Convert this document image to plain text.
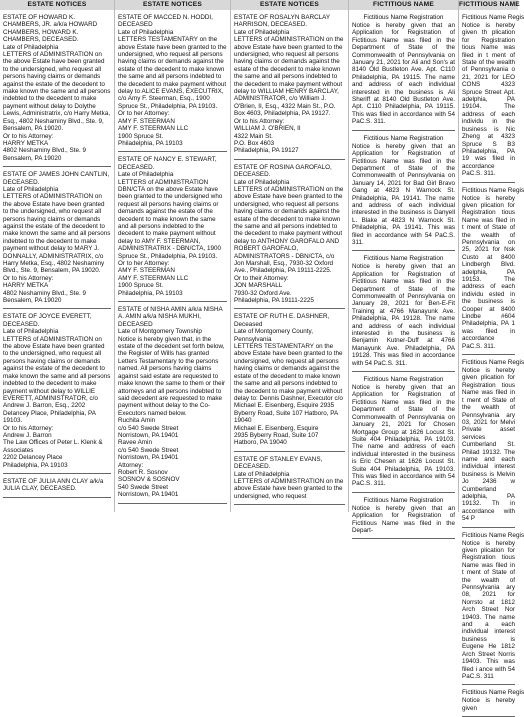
ESTATE NOTICES
ESTATE OF HOWARD K. CHAMBERS, JR. a/k/a HOWARD CHAMBERS, HOWARD K. CHAMBERS, DECEASED.
Late of Philadelphia
LETTERS of ADMINISTRATION on the above Estate have been granted to the undersigned, who request all persons having claims or demands against the estate of the decedent to make known the same and all persons indebted to the decedent to make payment without delay to Dolythe Lewis, Administratrix, c/o Harry Metka, Esq., 4802 Neshaminy Blvd., Ste. 9, Bensalem, PA 19020.
Or to his Attorney:
HARRY METKA
4802 Neshaminy Blvd., Ste. 9
Bensalem, PA 19020
ESTATE OF JAMES JOHN CANTLIN, DECEASED.
Late of Philadelphia
LETTERS of ADMINISTRATION on the above Estate have been granted to the undersigned, who request all persons having claims or demands against the estate of the decedent to make known the same and all persons indebted to the decedent to make payment without delay to MARY J. DONNALLY, ADMINISTRATRIX, c/o Harry Metka, Esq., 4802 Neshaminy Blvd., Ste. 9, Bensalem, PA 19020.
Or to his Attorney:
HARRY METKA
4802 Neshaminy Blvd., Ste. 9
Bensalem, PA 19020
ESTATE OF JOYCE EVERETT, DECEASED.
Late of Philadelphia
LETTERS of ADMINISTRATION on the above Estate have been granted to the undersigned, who request all persons having claims or demands against the estate of the decedent to make known the same and all persons indebted to the decedent to make payment without delay to WILLIE EVERETT, ADMINISTRATOR, c/o Andrew J. Barron, Esq., 2202 Delancey Place, Philadelphia, PA 19103.
Or to his Attorney:
Andrew J. Barron
The Law Offices of Peter L. Klenk & Associates
2202 Delancey Place
Philadelphia, PA 19103
ESTATE OF JULIA ANN CLAY a/k/a JULIA CLAY, DECEASED.
ESTATE NOTICES
ESTATE OF MACCED N. HODDI, DECEASED
Late of Philadelphia
LETTERS TESTAMENTARY on the above Estate have been granted to the undersigned, who request all persons having claims or demands against the estate of the decedent to make known the same and all persons indebted to the decedent to make payment without delay to ALICE EVANS, EXECUTRIX, c/o Amy F. Steerman, Esq., 1900 Spruce St., Philadelphia, PA 19103.
Or to her Attorney:
AMY F. STEERMAN
AMY F. STEERMAN LLC
1900 Spruce St.
Philadelphia, PA 19103
ESTATE OF NANCY E. STEWART, DECEASED.
Late of Philadelphia
LETTERS of ADMINISTRATION DBN/CTA on the above Estate have been granted to the undersigned who request all persons having claims or demands against the estate of the decedent to make known the same and all persons indebted to the decedent to make payment without delay to AMY F. STEERMAN, ADMINISTRATRIX - DBN/CTA, 1900 Spruce St., Philadelphia, PA 19103.
Or to her Attorney:
AMY F. STEERMAN
AMY F. STEERMAN LLC
1900 Spruce St.
Philadelphia, PA 19103
ESTATE of NISHA AMIN a/k/a NISHA A. AMIN a/k/a NISHA MUKHI, DECEASED
Late of Montgomery Township
Notice is hereby given that, in the estate of the decedent set forth below, the Register of Wills has granted Letters Testamentary to the persons named. All persons having claims against said estate are requested to make known the same to them or their attorneys and all persons indebted to said decedent are requested to make payment without delay to the Co-Executors named below.
Ruchita Amin
c/o 540 Swede Street
Norristown, PA 19401
Ravee Amin
c/o 540 Swede Street
Norristown, PA 19401
Attorney:
Robert R. Sosnov
SOSNOV & SOSNOV
540 Swede Street
Norristown, PA 19401
ESTATE NOTICES
ESTATE OF ROSALYN BARCLAY HARRISON, DECEASED.
Late of Philadelphia
LETTERS of ADMINISTRATION on the above Estate have been granted to the undersigned, who request all persons having claims or demands against the estate of the decedent to make known the same and all persons indebted to the decedent to make payment without delay to WILLIAM HENRY BARCLAY, ADMINISTRATOR, c/o William J. O'Brien, II, Esq., 4322 Main St., P.O. Box 4603, Philadelphia, PA 19127.
Or to his Attorney:
WILLIAM J. O'BRIEN, II
4322 Main St.
P.O. Box 4603
Philadelphia, PA 19127
ESTATE OF ROSINA GAROFALO, DECEASED.
Late of Philadelphia
LETTERS of ADMINISTRATION on the above Estate have been granted to the undersigned, who request all persons having claims or demands against the estate of the decedent to make known the same and all persons indebted to the decedent to make payment without delay to ANTHONY GAROFALO AND ROBERT GAROFALO, ADMINISTRATORS - DBN/CTA, c/o Jon Marshall, Esq., 7930-32 Oxford Ave., Philadelphia, PA 19111-2225.
Or to their Attorney:
JON MARSHALL
7930-32 Oxford Ave.
Philadelphia, PA 19111-2225
ESTATE OF RUTH E. DASHNER, Deceased
Late of Montgomery County, Pennsylvania
LETTERS TESTAMENTARY on the above Estate have been granted to the undersigned, who request all persons having claims or demands against the estate of the decedent to make known the same and all persons indebted to the decedent to make payment without delay to: Dennis Dashner, Executor c/o Michael E. Eisenberg, Esquire 2935 Byberry Road, Suite 107 Hatboro, PA 19040
Michael E. Eisenberg, Esquire
2935 Byberry Road, Suite 107
Hatboro, PA 19040
ESTATE OF STANLEY EVANS, DECEASED.
Late of Philadelphia
LETTERS of ADMINISTRATION on the above Estate have been granted to the undersigned, who request
FICTITIOUS NAME
Fictitious Name Registration
Notice is hereby given that an Application for Registration of Fictitious Name was filed in the Department of State of the Commonwealth of Pennsylvania on January 21, 2021 for Ali and Son's at 8140 Old Bustleton Ave. Apt. C110 Philadelphia, PA 19115. The name and address of each individual interested in the business is Ali Sheriff at 8140 Old Bustleton Ave. Apt. C110 Philadelphia, PA 19115. This was filed in accordance with 54 PaC.S. 311.
Fictitious Name Registration
Notice is hereby given that an Application for Registration of Fictitious Name was filed in the Department of State of the Commonwealth of Pennsylvania on January 14, 2021 for Bad Girl Bravo Gang at 4823 N Warnock St. Philadelphia, PA 19141. The name and address of each individual interested in the business is Danyell L. Blake at 4823 N Warnock St. Philadelphia, PA 19141. This was filed in accordance with 54 PaC.S. 311.
Fictitious Name Registration
Notice is hereby given that an Application for Registration of Fictitious Name was filed in the Department of State of the Commonwealth of Pennsylvania on January 28, 2021 for Ben-E-Fit Training at 4766 Manayunk Ave. Philadelphia, PA 19128. The name and address of each individual interested in the business is Benjamin Kutner-Duff at 4766 Manayunk Ave. Philadelphia, PA 19128. This was filed in accordance with 54 PaC.S. 311.
Fictitious Name Registration
Notice is hereby given that an Application for Registration of Fictitious Name was filed in the Department of State of the Commonwealth of Pennsylvania on January 21, 2021 for Chosen Mortgage Group at 1626 Locust St. Suite 404 Philadelphia, PA 19103. The name and address of each individual interested in the business is Eric Chesen at 1626 Locust St. Suite 404 Philadelphia, PA 19103. This was filed in accordance with 54 PaC.S. 311.
Fictitious Name Registration
Notice is hereby given that an Application for Registration of Fictitious Name was filed in the Depart-
FICTITIOUS NAME
Fictitious Name Regis
Notice is hereby given th plication for Registration tious Name was filed in t ment of State of the wealth of Pennsylvania o 21, 2021 for LEO CONS 4323 Spruce Street Apt. adelphia, PA 19104. The address of each individu in the business is Nic Zheng at 4323 Spruce S B3 Philadelphia, PA 19 was filed in accordance PaC.S. 311.
Fictitious Name Regis
Notice is hereby given plication for Registration tious Name was filed in t ment of State of the wealth of Pennsylvania on 25, 2021 for Nsk Custo at 8400 Lindbergh Blvd. adelphia, PA 19153. The address of each individu ested in the business is Cooper at 8400 Lindbe #604 Philadelphia, PA 1 was filed in accordance PaC.S. 311.
Fictitious Name Regis
Notice is hereby given plication for Registration tious Name was filed in t ment of State of the wealth of Pennsylvania ary 03, 2021 for Melvi Private asset services Cumberland St. Philad 19132. The name and each individual interest business is Melvin Jo 2436 w Cumberland adelphia, PA 19132. Th in accordance with 54 P
Fictitious Name Regis
Notice is hereby given plication for Registration tious Name was filed in t ment of State of the wealth of Pennsylvania ary 08, 2021 for Norrsto at 1812 Arch Street Nor 19403. The name and a each individual interest business is Eugene He 1812 Arch Street Norris 19403. This was filed i ance with 54 PaC.S. 311
Fictitious Name Regis
Notice is hereby given
